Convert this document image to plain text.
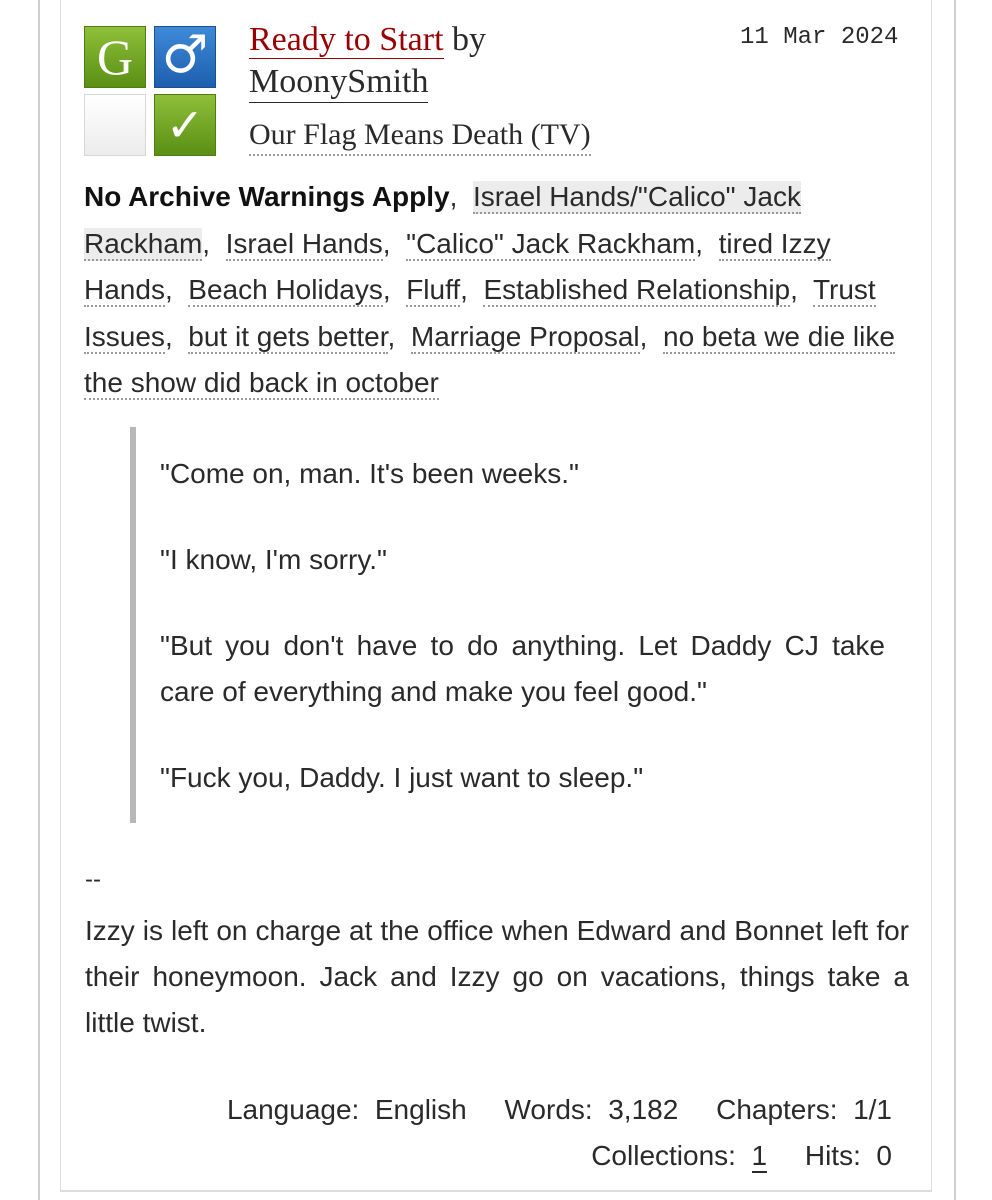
G ♂
✓
Ready to Start by
MoonySmith
Our Flag Means Death (TV)
11 Mar 2024
No Archive Warnings Apply,  Israel Hands/"Calico" Jack Rackham,  Israel Hands,  "Calico" Jack Rackham,  tired Izzy Hands,  Beach Holidays,  Fluff,  Established Relationship,  Trust Issues,  but it gets better,  Marriage Proposal,  no beta we die like the show did back in october

"Come on, man. It's been weeks."

"I know, I'm sorry."

"But you don't have to do anything. Let Daddy CJ take care of everything and make you feel good."

"Fuck you, Daddy. I just want to sleep."

--

Izzy is left on charge at the office when Edward and Bonnet left for their honeymoon. Jack and Izzy go on vacations, things take a little twist.

Language: English Words: 3,182 Chapters: 1/1
Collections: 1 Hits: 0
